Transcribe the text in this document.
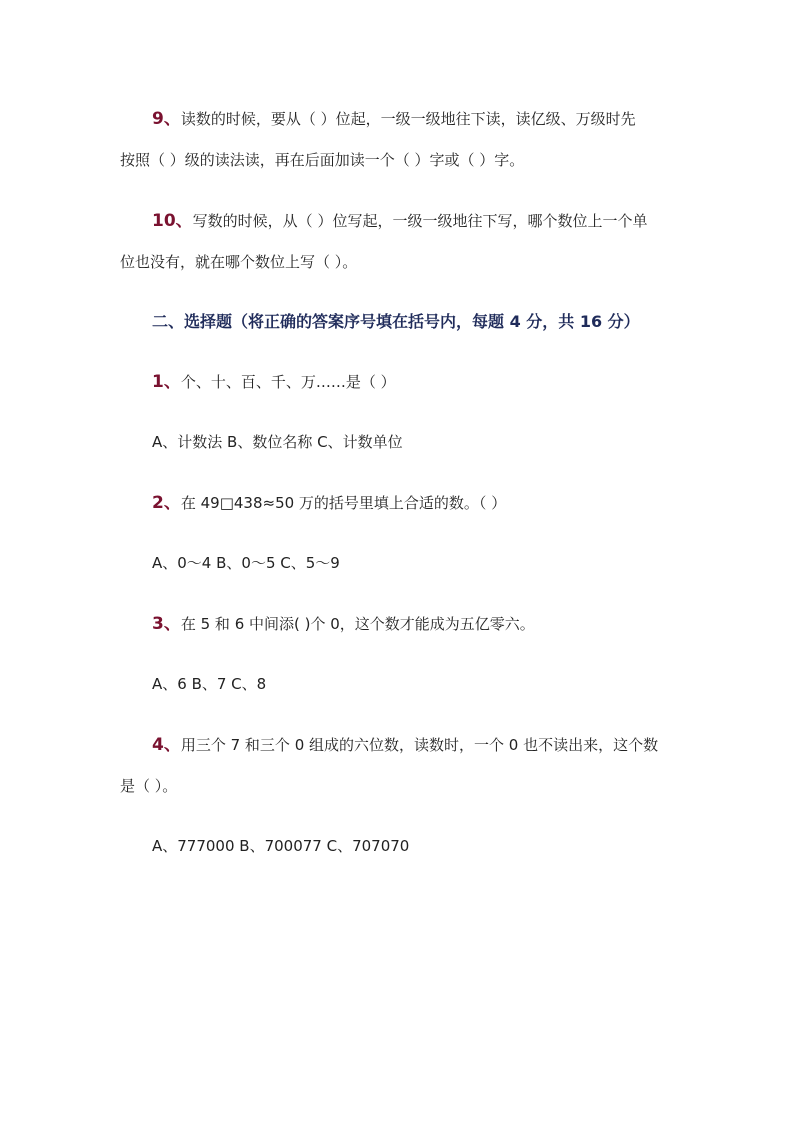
9、读数的时候，要从（ ）位起，一级一级地往下读，读亿级、万级时先
按照（ ）级的读法读，再在后面加读一个（ ）字或（ ）字。
10、写数的时候，从（ ）位写起，一级一级地往下写，哪个数位上一个单
位也没有，就在哪个数位上写（ ）。
二、选择题（将正确的答案序号填在括号内，每题 4 分，共 16 分）
1、个、十、百、千、万……是（ ）
A、计数法 B、数位名称 C、计数单位
2、在 49□438≈50 万的括号里填上合适的数。（ ）
A、0～4 B、0～5 C、5～9
3、在 5 和 6 中间添( )个 0，这个数才能成为五亿零六。
A、6 B、7 C、8
4、用三个 7 和三个 0 组成的六位数，读数时，一个 0 也不读出来，这个数
是（ ）。
A、777000 B、700077 C、707070
